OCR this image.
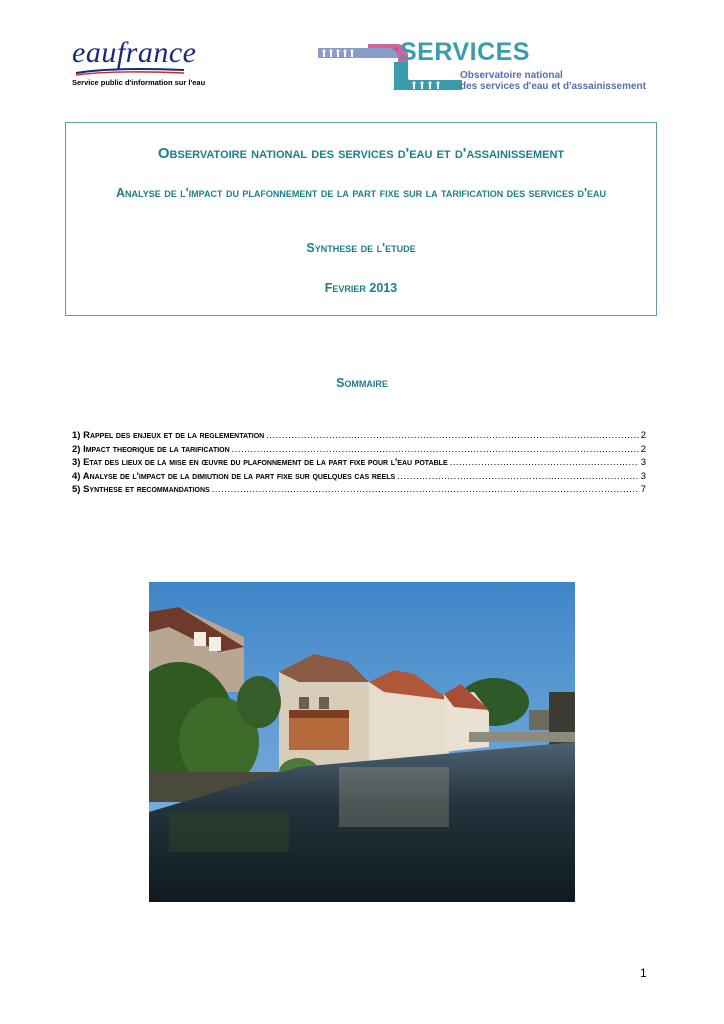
eaufrance
Service public d'information sur l'eau
SERVICES
Observatoire national
des services d'eau et d'assainissement
Observatoire national des services d'eau et d'assainissement
Analyse de l'impact du plafonnement de la part fixe sur la tarification des services d'eau
Synthese de l'etude
Fevrier 2013
Sommaire
1) Rappel des enjeux et de la reglementation .....	2
2) Impact theorique de la tarification .....	2
3) Etat des lieux de la mise en œuvre du plafonnement de la part fixe pour l'eau potable .....	3
4) Analyse de l'impact de la dimiution de la part fixe sur quelques cas reels .....	3
5) Synthese et recommandations .....	7
1
